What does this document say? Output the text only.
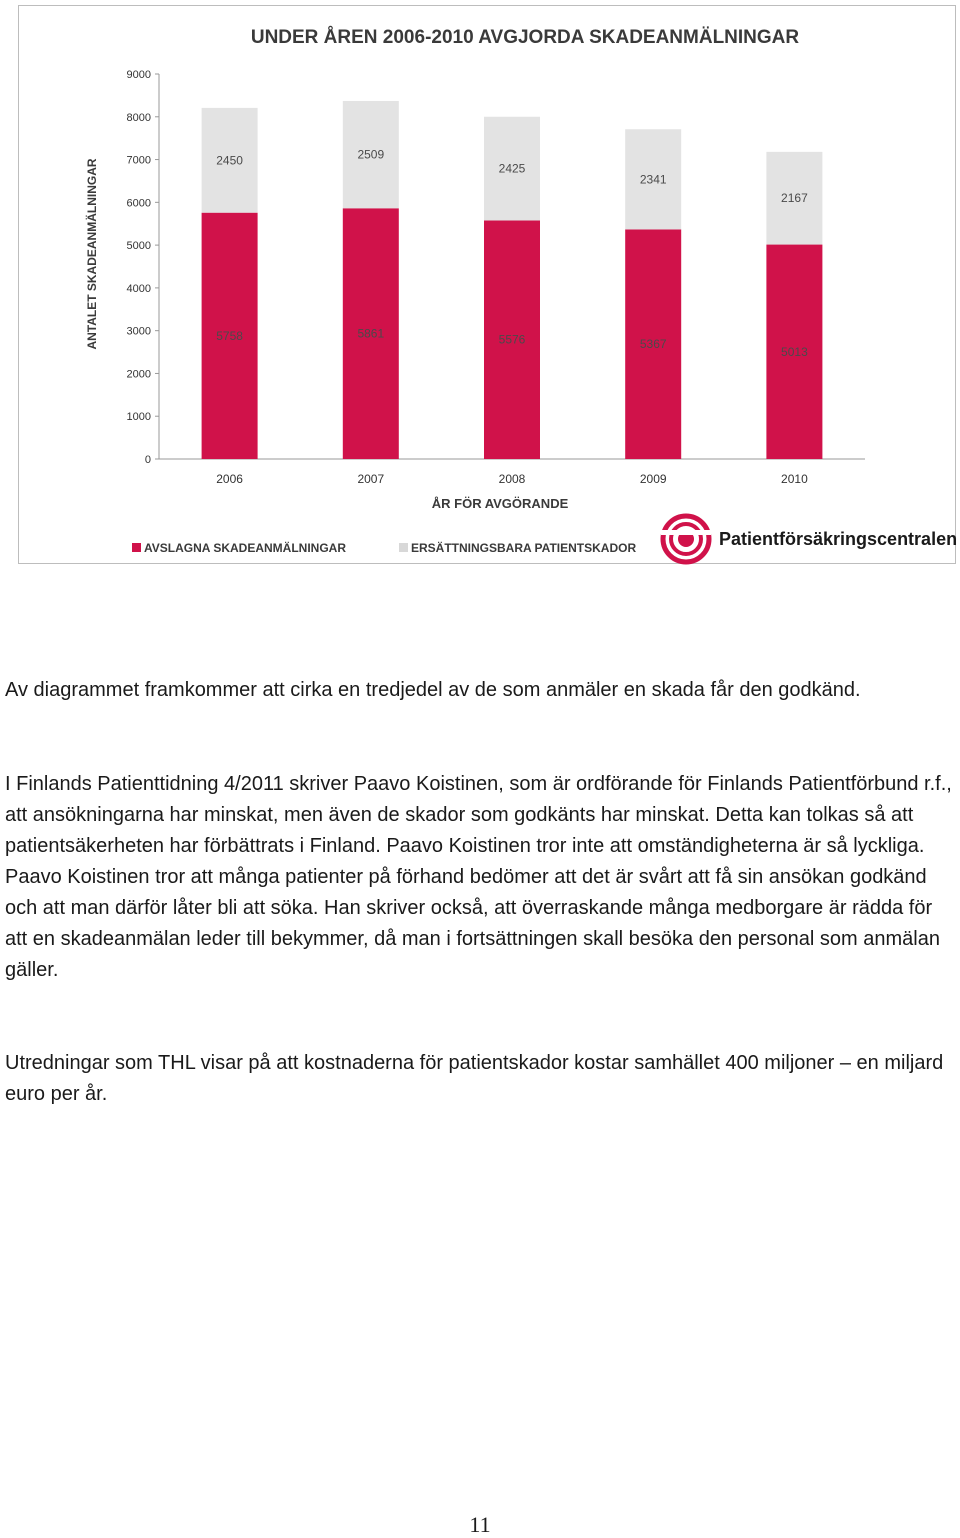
UNDER ÅREN 2006-2010 AVGJORDA SKADEANMÄLNINGAR
ANTALET SKADEANMÄLNINGAR
ÅR FÖR AVGÖRANDE
0
1000
2000
3000
4000
5000
6000
7000
8000
9000
2006	2007	2008	2009	2010
5758
2450
5861
2509
5576
2425
5367
2341
5013
2167
AVSLAGNA SKADEANMÄLNINGAR	ERSÄTTNINGSBARA PATIENTSKADOR	Patientförsäkringscentralen

Av diagrammet framkommer att cirka en tredjedel av de som anmäler en skada får den godkänd.

I Finlands Patienttidning 4/2011 skriver Paavo Koistinen, som är ordförande för Finlands Patientförbund r.f., att ansökningarna har minskat, men även de skador som godkänts har minskat. Detta kan tolkas så att patientsäkerheten har förbättrats i Finland. Paavo Koistinen tror inte att omständigheterna är så lyckliga. Paavo Koistinen tror att många patienter på förhand bedömer att det är svårt att få sin ansökan godkänd och att man därför låter bli att söka. Han skriver också, att överraskande många medborgare är rädda för att en skadeanmälan leder till bekymmer, då man i fortsättningen skall besöka den personal som anmälan gäller.

Utredningar som THL visar på att kostnaderna för patientskador kostar samhället 400 miljoner – en miljard euro per år.

11
